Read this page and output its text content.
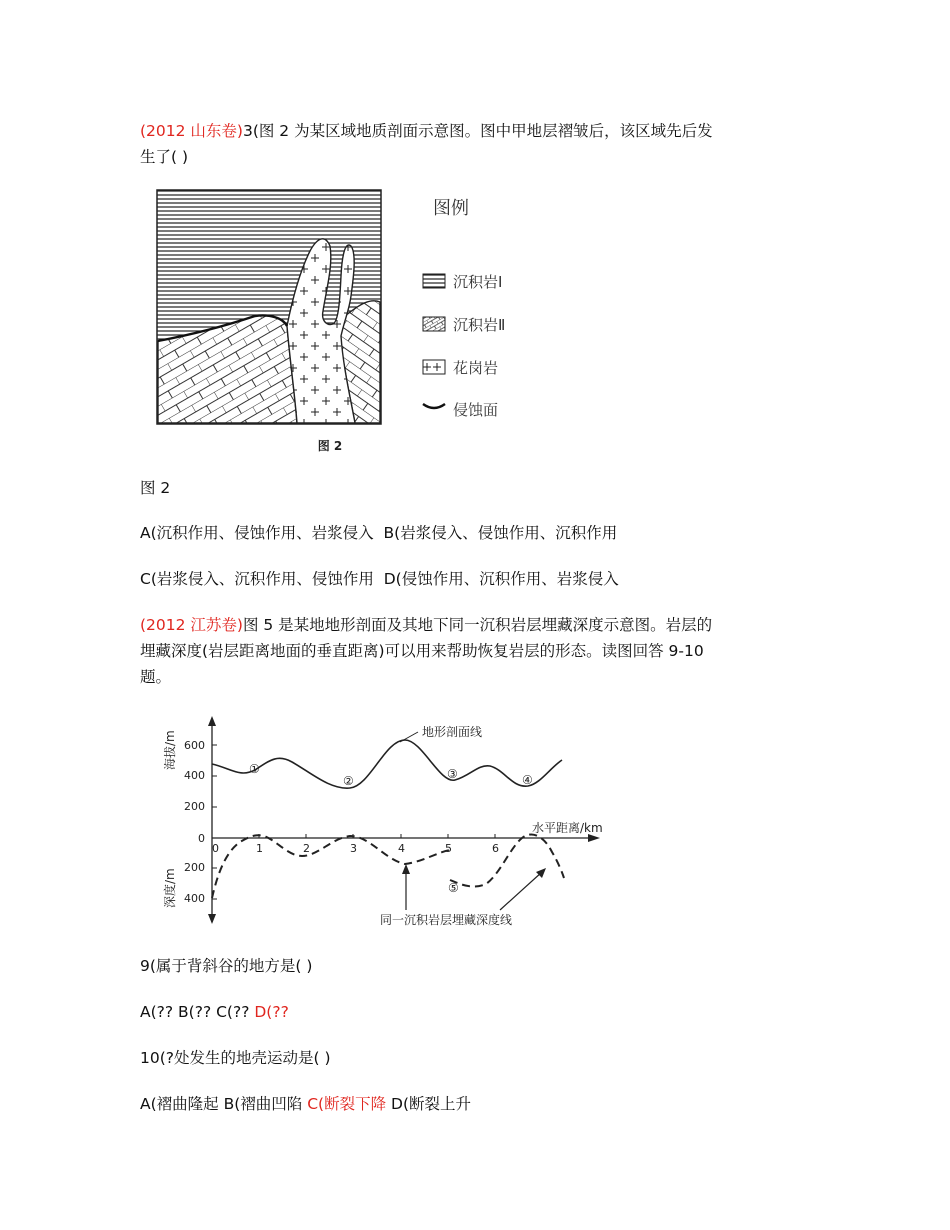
(2012 山东卷)3(图 2 为某区域地质剖面示意图。图中甲地层褶皱后，该区域先后发
生了( )
图 2
图例
沉积岩Ⅰ
沉积岩Ⅱ
花岗岩
侵蚀面
图 2
A(沉积作用、侵蚀作用、岩浆侵入 B(岩浆侵入、侵蚀作用、沉积作用
C(岩浆侵入、沉积作用、侵蚀作用 D(侵蚀作用、沉积作用、岩浆侵入
(2012 江苏卷)图 5 是某地地形剖面及其地下同一沉积岩层埋藏深度示意图。岩层的
埋藏深度(岩层距离地面的垂直距离)可以用来帮助恢复岩层的形态。读图回答 9-10
题。
海拔/m 600
400
200
0
200
400
深度/m
0	1	2	3	4	5	6
水平距离/km
地形剖面线
①
②	③	④
⑤
同一沉积岩层埋藏深度线
9(属于背斜谷的地方是( )
A(?? B(?? C(?? D(??
10(?处发生的地壳运动是( )
A(褶曲隆起 B(褶曲凹陷 C(断裂下降 D(断裂上升
